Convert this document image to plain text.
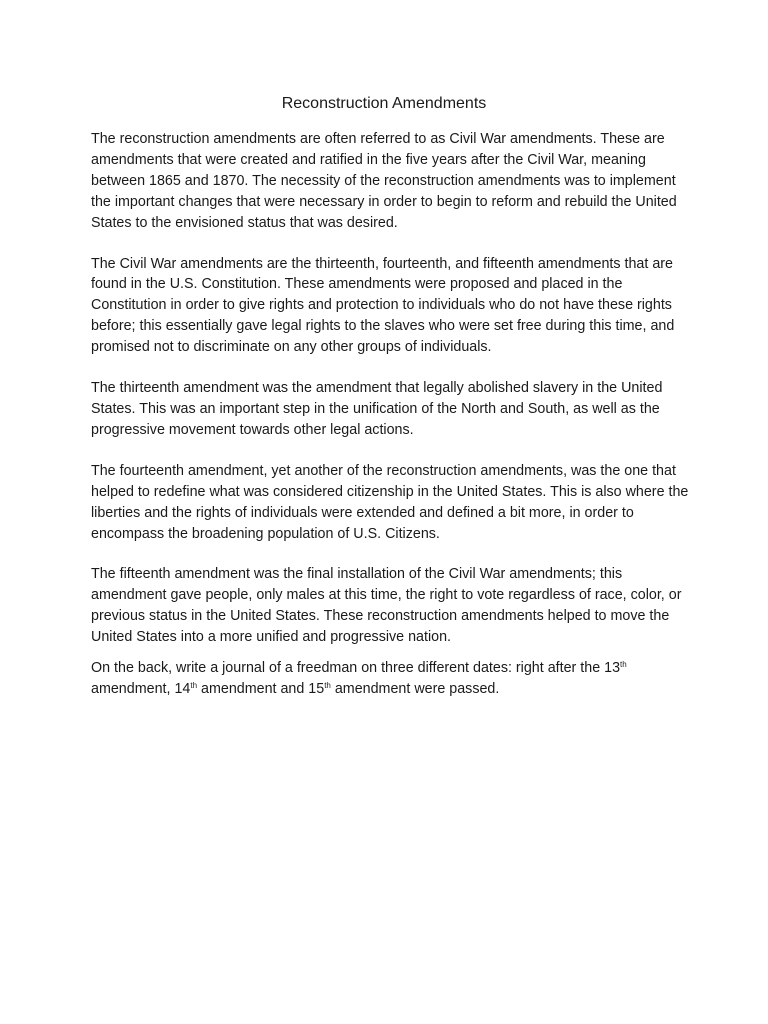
Reconstruction Amendments

The reconstruction amendments are often referred to as Civil War amendments. These are amendments that were created and ratified in the five years after the Civil War, meaning between 1865 and 1870. The necessity of the reconstruction amendments was to implement the important changes that were necessary in order to begin to reform and rebuild the United States to the envisioned status that was desired.

The Civil War amendments are the thirteenth, fourteenth, and fifteenth amendments that are found in the U.S. Constitution. These amendments were proposed and placed in the Constitution in order to give rights and protection to individuals who do not have these rights before; this essentially gave legal rights to the slaves who were set free during this time, and promised not to discriminate on any other groups of individuals.

The thirteenth amendment was the amendment that legally abolished slavery in the United States. This was an important step in the unification of the North and South, as well as the progressive movement towards other legal actions.

The fourteenth amendment, yet another of the reconstruction amendments, was the one that helped to redefine what was considered citizenship in the United States. This is also where the liberties and the rights of individuals were extended and defined a bit more, in order to encompass the broadening population of U.S. Citizens.

The fifteenth amendment was the final installation of the Civil War amendments; this amendment gave people, only males at this time, the right to vote regardless of race, color, or previous status in the United States. These reconstruction amendments helped to move the United States into a more unified and progressive nation.

On the back, write a journal of a freedman on three different dates: right after the 13th amendment, 14th amendment and 15th amendment were passed.
